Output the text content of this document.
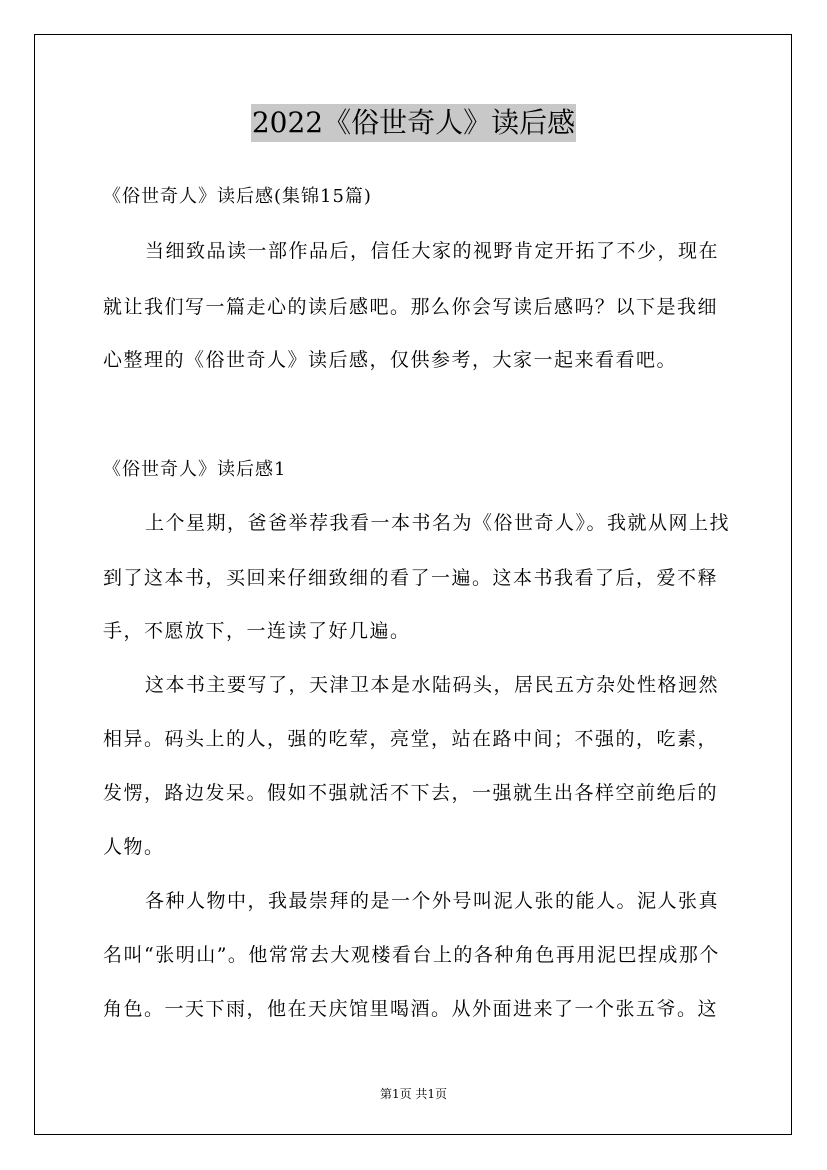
2022《俗世奇人》读后感
《俗世奇人》读后感(集锦15篇)
当细致品读一部作品后，信任大家的视野肯定开拓了不少，现在
就让我们写一篇走心的读后感吧。那么你会写读后感吗？以下是我细
心整理的《俗世奇人》读后感，仅供参考，大家一起来看看吧。
《俗世奇人》读后感1
上个星期，爸爸举荐我看一本书名为《俗世奇人》。我就从网上找
到了这本书，买回来仔细致细的看了一遍。这本书我看了后，爱不释
手，不愿放下，一连读了好几遍。
这本书主要写了，天津卫本是水陆码头，居民五方杂处性格迥然
相异。码头上的人，强的吃荤，亮堂，站在路中间；不强的，吃素，
发愣，路边发呆。假如不强就活不下去，一强就生出各样空前绝后的
人物。
各种人物中，我最崇拜的是一个外号叫泥人张的能人。泥人张真
名叫“张明山”。他常常去大观楼看台上的各种角色再用泥巴捏成那个
角色。一天下雨，他在天庆馆里喝酒。从外面进来了一个张五爷。这
第1页 共1页
